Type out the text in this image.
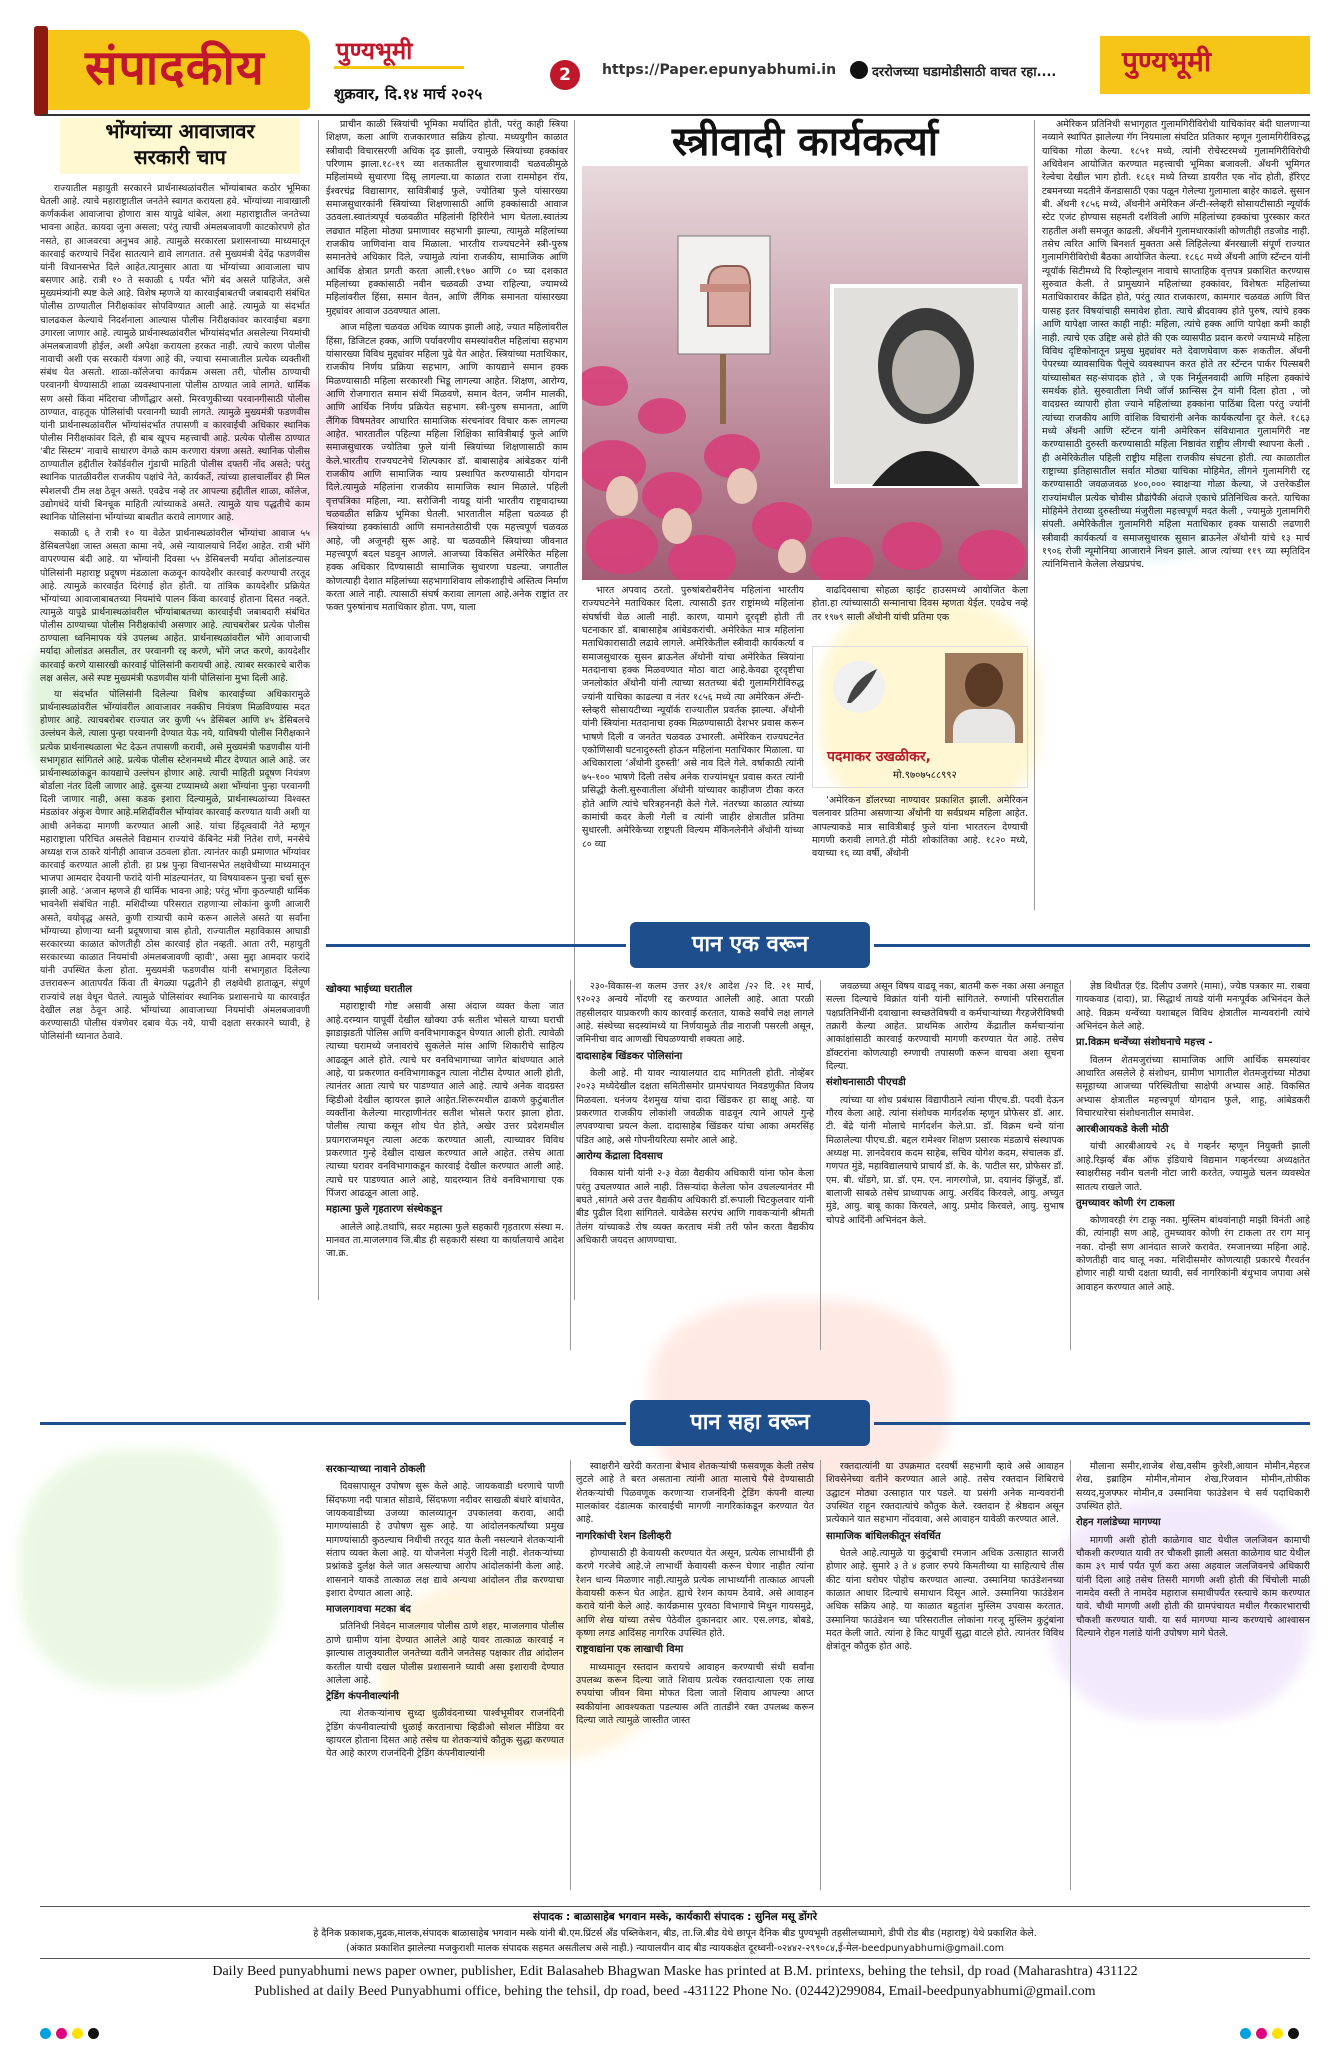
संपादकीय	पुण्यभूमी
शुक्रवार, दि.१४ मार्च २०२५
2	https://Paper.epunyabhumi.in	दररोजच्या घडामोडीसाठी वाचत रहा.... पुण्यभूमी
भोंग्यांच्या आवाजावर
सरकारी चाप

राज्यातील महायुती सरकारने प्रार्थनास्थळांवरील भोंग्यांबाबत कठोर भूमिका घेतली आहे. त्याचे महाराष्ट्रातील जनतेने स्वागत करायला हवे. भोंग्यांच्या नावाखाली कर्णकर्कश आवाजाचा होणारा त्रास यापुढे थांबेल, अशा महाराष्ट्रातील जनतेच्या भावना आहेत. कायदा जुना असला; परंतु त्याची अंमलबजावणी काटकोरपणे होत नसते, हा आजवरचा अनुभव आहे. त्यामुळे सरकारला प्रशासनाच्या माध्यमातून कारवाई करण्याचे निर्देश सातत्याने द्यावे लागतात. तसे मुख्यमंत्री देवेंद्र फडणवीस यांनी विधानसभेत दिले आहेत.त्यानुसार आता या भोंग्यांच्या आवाजाला चाप बसणार आहे. रात्री १० ते सकाळी ६ पर्यंत भोंगे बंद असले पाहिजेत, असे मुख्यमंत्र्यांनी स्पष्ट केले आहे. विशेष म्हणजे या कारवाईबाबतची जबाबदारी संबंधित पोलीस ठाण्यातील निरीक्षकांवर सोपविण्यात आली आहे. त्यामुळे या संदर्भात चालढकल केल्याचे निदर्शनाला आल्यास पोलीस निरीक्षकांवर कारवाईचा बडगा उगारला जाणार आहे. त्यामुळे प्रार्थनास्थळांवरील भोंग्यांसंदर्भात असलेल्या नियमांची अंमलबजावणी होईल, अशी अपेक्षा करायला हरकत नाही. त्याचे कारण पोलीस नावाची अशी एक सरकारी यंत्रणा आहे की, ज्याचा समाजातील प्रत्येक व्यक्तीशी संबंध येत असतो. शाळा-कॉलेजचा कार्यक्रम असला तरी, पोलीस ठाण्याची परवानगी घेण्यासाठी शाळा व्यवस्थापनाला पोलीस ठाण्यात जावे लागते. धार्मिक सण असो किंवा मंदिराचा जीर्णोद्धार असो. मिरवणुकीच्या परवानगीसाठी पोलीस ठाण्यात, वाहतूक पोलिसांची परवानगी घ्यावी लागते. त्यामुळे मुख्यमंत्री फडणवीस यांनी प्रार्थनास्थळांवरील भोंग्यांसंदर्भात तपासणी व कारवाईची अधिकार स्थानिक पोलीस निरीक्षकांवर दिले, ही बाब खूपच महत्त्वाची आहे. प्रत्येक पोलीस ठाण्यात ‘बीट सिस्टम’ नावाचे साधारण वेगळे काम करणारा यंत्रणा असते. स्थानिक पोलीस ठाण्यातील हद्दीतील रेकॉर्डवरील गुंडाची माहिती पोलीस दफ्तरी नोंद असते; परंतु स्थानिक पातळीवरील राजकीय पक्षांचे नेते, कार्यकर्ते, त्यांच्या हालचालींवर ही मिल स्पेशलची टीम लक्ष ठेवून असते. एवढेच नव्हे तर आपल्या हद्दीतील शाळा, कॉलेज, उद्योगधंदे यांची बिनचूक माहिती त्यांच्याकडे असते. त्यामुळे याच पद्धतीचे काम स्थानिक पोलिसांना भोंग्यांच्या बाबतीत करावे लागणार आहे.

सकाळी ६ ते रात्री १० या वेळेत प्रार्थनास्थळांवरील भोंग्यांचा आवाज ५५ डेसिबलपेक्षा जास्त असता कामा नये, असे न्यायालयाचे निर्देश आहेत. रात्री भोंगे वापरण्यास बंदी आहे. या भोंग्यांनी दिवसा ५५ डेसिबलची मर्यादा ओलांडल्यास पोलिसांनी महाराष्ट्र प्रदूषण मंडळाला कळवून कायदेशीर कारवाई करण्याची तरतूद आहे. त्यामुळे कारवाईत दिरंगाई होत होती. या तांत्रिक कायदेशीर प्रक्रियेत भोंग्यांच्या आवाजाबाबतच्या नियमांचे पालन किंवा कारवाई होताना दिसत नव्हते. त्यामुळे यापुढे प्रार्थनास्थळांवरील भोंग्यांबाबतच्या कारवाईची जबाबदारी संबंधित पोलीस ठाण्याच्या पोलीस निरीक्षकांची असणार आहे. त्याचबरोबर प्रत्येक पोलीस ठाण्याला ध्वनिमापक यंत्रे उपलब्ध आहेत. प्रार्थनास्थळांवरील भोंगे आवाजाची मर्यादा ओलांडत असतील, तर परवानगी रद्द करणे, भोंगे जप्त करणे, कायदेशीर कारवाई करणे यासारखी कारवाई पोलिसांनी करायची आहे. त्याबर सरकारचे बारीक लक्ष असेल, असे स्पष्ट मुख्यमंत्री फडणवीस यांनी पोलिसांना मुभा दिली आहे.

या संदर्भात पोलिसांनी दिलेल्या विशेष कारवाईच्या अधिकारामुळे प्रार्थनास्थळांवरील भोंग्यांवरील आवाजावर नक्कीच नियंत्रण मिळविण्यास मदत होणार आहे. त्याचबरोबर राज्यात जर कुणी ५५ डेसिबल आणि ४५ डेसिबलचे उल्लंघन केले, त्याला पुन्हा परवानगी देण्यात येऊ नये, याविषयी पोलीस निरीक्षकाने प्रत्येक प्रार्थनास्थळाला भेट देऊन तपासणी करावी, असे मुख्यमंत्री फडणवीस यांनी सभागृहात सांगितले आहे. प्रत्येक पोलीस स्टेशनमध्ये मीटर देण्यात आले आहे. जर प्रार्थनास्थळांकडून कायद्याचे उल्लंघन होणार आहे. त्याची माहिती प्रदूषण नियंत्रण बोर्डाला नंतर दिली जाणार आहे. दुसऱ्या टप्प्यामध्ये अशा भोंग्यांना पुन्हा परवानगी दिली जाणार नाही, असा कडक इशारा दिल्यामुळे, प्रार्थनास्थळांच्या विश्वस्त मंडळांवर अंकुश येणार आहे.मशिदींवरील भोंग्यांवर कारवाई करण्यात यावी अशी या आधी अनेकदा मागणी करण्यात आली आहे. यांचा हिंदूत्ववादी नेते म्हणून महाराष्ट्राला परिचित असलेले विद्यमान राज्यांचे कॅबिनेट मंत्री नितेश राणे, मनसेचे अध्यक्ष राज ठाकरे यांनीही आवाज उठवला होता. त्यानंतर काही प्रमाणात भोंग्यांवर कारवाई करण्यात आली होती. हा प्रश्न पुन्हा विधानसभेत लक्षवेधीच्या माध्यमातून भाजपा आमदार देवयानी फरांदे यांनी मांडल्यानंतर, या विषयावरून पुन्हा चर्चा सुरू झाली आहे. ‘अजान म्हणजे ही धार्मिक भावना आहे; परंतु भोंगा कुठल्याही धार्मिक भावनेशी संबंधित नाही. मशिदीच्या परिसरात राहणाऱ्या लोकांना कुणी आजारी असते, वयोवृद्ध असते, कुणी रात्र्याची कामे करून आलेले असते या सर्वांना भोंग्याच्या होणाऱ्या ध्वनी प्रदूषणाचा त्रास होतो, राज्यातील महाविकास आघाडी सरकारच्या काळात कोणतीही ठोस कारवाई होत नव्हती. आता तरी, महायुती सरकारच्या काळात नियमांची अंमलबजावणी व्हावी’, असा मुद्दा आमदार फरांदे यांनी उपस्थित केला होता. मुख्यमंत्री फडणवीस यांनी सभागृहात दिलेल्या उत्तरावरून आतापर्यंत किंवा ती बेगळ्या पद्धतीने ही लक्षवेधी हाताळून, संपूर्ण राज्यांचे लक्ष वेधून घेतले. त्यामुळे पोलिसांवर स्थानिक प्रशासनाचे या कारवाईत देखील लक्ष ठेवून आहे. भोंग्यांच्या आवाजाच्या नियमांची अंमलबजावणी करण्यासाठी पोलीस यंत्रणेवर दबाव येऊ नये, याची दक्षता सरकारने घ्यावी, हे पोलिसांनी ध्यानात ठेवावे.

प्राचीन काळी स्त्रियांची भूमिका मर्यादित होती, परंतु काही स्त्रिया शिक्षण, कला आणि राजकारणात सक्रिय होत्या. मध्ययुगीन काळात स्त्रीवादी विचारसरणी अधिक दृढ झाली, ज्यामुळे स्त्रियांच्या हक्कांवर परिणाम झाला.१८-१९ व्या शतकातील सुधारणावादी चळवळीमुळे महिलांमध्ये सुधारणा दिसू लागल्या.या काळात राजा राममोहन रॉय, ईश्वरचंद्र विद्यासागर, सावित्रीबाई फुले, ज्योतिबा फुले यांसारख्या समाजसुधारकांनी स्त्रियांच्या शिक्षणासाठी आणि हक्कांसाठी आवाज उठवला.स्वातंत्र्यपूर्व चळवळीत महिलांनी हिरिरीने भाग घेतला.स्वातंत्र्य लढ्यात महिला मोठ्या प्रमाणावर सहभागी झाल्या, त्यामुळे महिलांच्या राजकीय जाणिवांना वाव मिळाला. भारतीय राज्यघटनेने स्त्री-पुरुष समानतेचे अधिकार दिले, ज्यामुळे त्यांना राजकीय, सामाजिक आणि आर्थिक क्षेत्रात प्रगती करता आली.१९७० आणि ८० च्या दशकात महिलांच्या हक्कांसाठी नवीन चळवळी उभ्या राहिल्या, ज्यामध्ये महिलांवरील हिंसा, समान वेतन, आणि लैंगिक समानता यांसारख्या मुद्द्यांवर आवाज उठवण्यात आला.

आज महिला चळवळ अधिक व्यापक झाली आहे, ज्यात महिलांवरील हिंसा, डिजिटल हक्क, आणि पर्यावरणीय समस्यांवरील महिलांचा सहभाग यांसारख्या विविध मुद्द्यांवर महिला पुढे येत आहेत. स्त्रियांच्या मताधिकार, राजकीय निर्णय प्रक्रिया सहभाग, आणि कायद्याने समान हक्क मिळण्यासाठी महिला सरकारशी भिडू लागल्या आहेत. शिक्षण, आरोग्य, आणि रोजगारात समान संधी मिळवणे, समान वेतन, जमीन मालकी, आणि आर्थिक निर्णय प्रक्रियेत सहभाग. स्त्री-पुरुष समानता, आणि लैंगिक विषमतेवर आधारित सामाजिक संरचनांवर विचार करू लागल्या आहेत. भारतातील पहिल्या महिला शिक्षिका सावित्रीबाई फुले आणि समाजसुधारक ज्योतिबा फुले यांनी स्त्रियांच्या शिक्षणासाठी काम केले.भारतीय राज्यघटनेचे शिल्पकार डॉ. बाबासाहेब आंबेडकर यांनी राजकीय आणि सामाजिक न्याय प्रस्थापित करण्यासाठी योगदान दिले.त्यामुळे महिलांना राजकीय सामाजिक स्थान मिळाले. पहिली वृत्तपत्रिका महिला, न्या. सरोजिनी नायडू यांनी भारतीय राष्ट्रवादाच्या चळवळीत सक्रिय भूमिका घेतली. भारतातील महिला चळवळ ही स्त्रियांच्या हक्कांसाठी आणि समानतेसाठीची एक महत्त्वपूर्ण चळवळ आहे, जी अजूनही सुरू आहे. या चळवळीने स्त्रियांच्या जीवनात महत्त्वपूर्ण बदल घडवून आणले. आजच्या विकसित अमेरिकेत महिला हक्क अधिकार दिण्यासाठी सामाजिक सुधारणा घडल्या. जगातील कोणत्याही देशात महिलांच्या सहभागाशिवाय लोकशाहीचे अस्तित्व निर्माण करता आले नाही. त्यासाठी संघर्ष करावा लागला आहे.अनेक राष्ट्रांत तर फक्त पुरुषांनाच मताधिकार होता. पण, याला

स्त्रीवादी कार्यकर्त्या

भारत अपवाद ठरतो. पुरुषांबरोबरीनेच महिलांना भारतीय राज्यघटनेने मताधिकार दिला. त्यासाठी इतर राष्ट्रांमध्ये महिलांना संघर्षाची वेळ आली नाही. कारण, यामागे दूरदृष्टी होती ती घटनाकार डॉ. बाबासाहेब आंबेडकरांची. अमेरिकेत मात्र महिलांना मताधिकारासाठी लढावे लागले. अमेरिकेतील स्त्रीवादी कार्यकर्त्या व समाजसुधारक सुसन ब्राऊनेल अँथोनी यांचा अमेरिकेत स्त्रियांना मतदानाचा हक्क मिळवण्यात मोठा वाटा आहे.केवढा दूरदृष्टीचा जनलोकांत अँथोनी यांनी त्याच्या सततच्या बंदी गुलामगिरीविरुद्ध ज्यांनी याचिका काढल्या व नंतर १८५६ मध्ये त्या अमेरिकन ॲन्टी-स्लेव्हरी सोसायटीच्या न्यूयॉर्क राज्यातील प्रवर्तक झाल्या. अँथोनी यांनी स्त्रियांना मतदानाचा हक्क मिळण्यासाठी देशभर प्रवास करून भाषणे दिली व जनतेत चळवळ उभारली. अमेरिकन राज्यघटनेत एकोणिसावी घटनादुरुस्ती होऊन महिलांना मताधिकार मिळाला. या अधिकाराला ‘अँथोनी दुरुस्ती’ असे नाव दिले गेले. वर्षाकाठी त्यांनी ७५-१०० भाषणे दिली तसेच अनेक राज्यांमधून प्रवास करत त्यांनी प्रसिद्धी केली.सुरुवातीला अँथोनी यांच्यावर काहीजण टीका करत होते आणि त्यांचे चरित्रहननही केले गेले. नंतरच्या काळात त्यांच्या कामांची कदर केली गेली व त्यांनी जाहीर क्षेत्रातील प्रतिमा सुधारली. अमेरिकेच्या राष्ट्रपती विल्यम मॅकिनलेनीने अँथोनी यांच्या ८० व्या

वाढदिवसाचा सोहळा व्हाईट हाउसमध्ये आयोजित केला होता.हा त्यांच्यासाठी सन्मानाचा दिवस म्हणता येईल. एवढेच नव्हे तर १९७९ साली अँथोनी यांची प्रतिमा एक

पदमाकर उखळीकर,
मो.९७०७५८८९९२

‘अमेरिकन डॉलरच्या नाण्यावर प्रकाशित झाली. अमेरिकन चलनावर प्रतिमा असणाऱ्या अँथोनी या सर्वप्रथम महिला आहेत. आपल्याकडे मात्र सावित्रीबाई फुले यांना भारतरत्न देण्याची मागणी करावी लागते.ही मोठी शोकांतिका आहे. १८२० मध्ये, वयाच्या १६ व्या वर्षी, अँथोनी

अमेरिकन प्रतिनिधी सभागृहात गुलामगिरीविरोधी याचिकांवर बंदी घालणाऱ्या नव्याने स्थापित झालेल्या गॅग नियमाला संघटित प्रतिकार म्हणून गुलामगिरीविरुद्ध याचिका गोळा केल्या. १८५१ मध्ये, त्यांनी रोचेस्टरमध्ये गुलामगिरीविरोधी अधिवेशन आयोजित करण्यात महत्त्वाची भूमिका बजावली. अँथनी भूमिगत रेल्वेचा देखील भाग होती. १८६१ मध्ये तिच्या डायरीत एक नोंद होती, हॅरिएट टबमनच्या मदतीने कॅनडासाठी एका पळून गेलेल्या गुलामाला बाहेर काढले. सुसान बी. अँथनी १८५६ मध्ये, अँथनीने अमेरिकन ॲन्टी-स्लेव्हरी सोसायटीसाठी न्यूयॉर्क स्टेट एजंट होण्यास सहमती दर्शविली आणि महिलांच्या हक्कांचा पुरस्कार करत राहतील अशी समजूत काढली. अँथनीने गुलामधारकांशी कोणतीही तडजोड नाही. तसेच त्वरित आणि बिनशर्त मुक्तता असे लिहिलेल्या बॅनरखाली संपूर्ण राज्यात गुलामगिरीविरोधी बैठका आयोजित केल्या. १८६८ मध्ये अँथनी आणि स्टॅन्टन यांनी न्यूयॉर्क सिटीमध्ये दि रिव्होल्यूशन नावाचे साप्ताहिक वृत्तपत्र प्रकाशित करण्यास सुरुवात केली. ते प्रामुख्याने महिलांच्या हक्कांवर, विशेषतः महिलांच्या मताधिकारावर केंद्रित होते, परंतु त्यात राजकारण, कामगार चळवळ आणि वित्त यासह इतर विषयांचाही समावेश होता. त्याचे ब्रीदवाक्य होते पुरुष, त्यांचे हक्क आणि यापेक्षा जास्त काही नाही: महिला, त्यांचे हक्क आणि यापेक्षा कमी काही नाही. त्याचे एक उद्दिष्ट असे होते की एक व्यासपीठ प्रदान करणे ज्यामध्ये महिला विविध दृष्टिकोनातून प्रमुख मुद्द्यांवर मते देवाणघेवाण करू शकतील. अँथनी पेपरच्या व्यावसायिक पैलूंचे व्यवस्थापन करत होते तर स्टॅन्टन पार्कर पिल्सबरी यांच्यासोबत सह-संपादक होते , जे एक निर्मूलनवादी आणि महिला हक्कांचे समर्थक होते. सुरुवातीला निधी जॉर्ज फ्रान्सिस ट्रेन यांनी दिला होता , जो वादग्रस्त व्यापारी होता ज्याने महिलांच्या हक्कांना पाठिंबा दिला परंतु ज्यांनी त्यांच्या राजकीय आणि वांशिक विचारांनी अनेक कार्यकर्त्यांना दूर केले. १८६३ मध्ये अँथनी आणि स्टॅन्टन यांनी अमेरिकन संविधानात गुलामगिरी नष्ट करण्यासाठी दुरुस्ती करण्यासाठी महिला निष्ठावंत राष्ट्रीय लीगची स्थापना केली . ही अमेरिकेतील पहिली राष्ट्रीय महिला राजकीय संघटना होती. त्या काळातील राष्ट्राच्या इतिहासातील सर्वात मोठ्या याचिका मोहिमेत, लीगने गुलामगिरी रद्द करण्यासाठी जवळजवळ ४००,००० स्वाक्षऱ्या गोळा केल्या, जे उत्तरेकडील राज्यांमधील प्रत्येक चोवीस प्रौढांपैकी अंदाजे एकाचे प्रतिनिधित्व करते. याचिका मोहिमेने तेराव्या दुरुस्तीच्या मंजुरीला महत्त्वपूर्ण मदत केली , ज्यामुळे गुलामगिरी संपली. अमेरिकेतील गुलामगिरी महिला मताधिकार हक्क यासाठी लढणारी स्त्रीवादी कार्यकर्त्या व समाजसुधारक सुसान ब्राऊनेल अँथोनी यांचे १३ मार्च १९०६ रोजी न्यूमोनिया आजाराने निधन झाले. आज त्यांच्या ११९ व्या स्मृतिदिन त्यांनिमित्ताने केलेला लेखप्रपंच.

पान एक वरून

खोक्या भाईच्या घरातील

महाराष्ट्राची गोष्ट असावी असा अंदाज व्यक्त केला जात आहे.दरम्यान यापूर्वी देखील खोक्या उर्फ सतीश भोसले याच्या घराची झाडाझडती पोलिस आणि वनविभागाकडून घेण्यात आली होती. त्यावेळी त्याच्या घरामध्ये जनावरांचे सुकलेले मांस आणि शिकारीचे साहित्य आढळून आले होते. त्याचे घर वनविभागाच्या जागेत बांधण्यात आले आहे, या प्रकरणात वनविभागाकडून त्याला नोटीस देण्यात आली होती, त्यानंतर आता त्याचे घर पाडण्यात आले आहे. त्याचे अनेक वादग्रस्त व्हिडीओ देखील व्हायरल झाले आहेत.शिरूरमधील ढाकणे कुटुंबातील व्यक्तींना केलेल्या मारहाणीनंतर सतीश भोसले फरार झाला होता. पोलीस त्याचा कसून शोध घेत होते, अखेर उत्तर प्रदेशमधील प्रयागराजमधून त्याला अटक करण्यात आली, त्याच्यावर विविध प्रकरणात गुन्हे देखील दाखल करण्यात आले आहेत. तसेच आता त्याच्या घरावर वनविभागाकडून कारवाई देखील करण्यात आली आहे. त्याचे घर पाडण्यात आले आहे, यादरम्यान तिथे वनविभागाचा एक पिंजरा आढळून आला आहे.

महात्मा फुले गृहतारण संस्थेकडून

आलेले आहे.तथापि, सदर महात्मा फुले सहकारी गृहतारण संस्था म. मानवत ता.माजलगाव जि.बीड ही सहकारी संस्था या कार्यालयाचे आदेश जा.क्र.

२३०-विकास-श कलम उत्तर ३१/१ आदेश /२२ दि. २१ मार्च, ९२०२३ अन्वये नोंदणी रद्द करण्यात आलेली आहे. आता परळी तहसीलदार याप्रकरणी काय कारवाई करतात, याकडे सर्वांचे लक्ष लागले आहे. संस्थेच्या सदस्यांमध्ये या निर्णयामुळे तीव्र नाराजी पसरली असून, जमिनीचा वाद आणखी चिघळण्याची शक्यता आहे.

दादासाहेब खिंडकर पोलिसांना

केली आहे. मी यावर न्यायालयात दाद मागितली होती. नोव्हेंबर २०२३ मध्येदेखील दक्षता समितीसमोर ग्रामपंचायत निवडणुकीत विजय मिळवला. धनंजय देशमुख यांचा दादा खिंडकर हा साक्षू आहे. या प्रकरणात राजकीय लोकांशी जवळीक वाढवून त्याने आपले गुन्हे लपवण्याचा प्रयत्न केला. दादासाहेब खिंडकर यांचा आका अमरसिंह पंडित आहे, असे गोपनीयरित्या समोर आले आहे.

आरोग्य केंद्राला दिवसाच

विकास यांनी यांनी २-३ वेळा वैद्यकीय अधिकारी यांना फोन केला परंतु उचलण्यात आले नाही. तिसऱ्यांदा केलेला फोन उचलल्यानंतर मी बघते ,सांगते असे उत्तर वैद्यकीय अधिकारी डॉ.रूपाली चिटकुलवार यांनी बीड पुढील दिशा सांगितले. यावेळेस सरपंच आणि गावकऱ्यांनी श्रीमती तेलंग यांच्याकडे रोष व्यक्त करताच मंत्री तरी फोन करता वैद्यकीय अधिकारी जयदत्त आणण्याचा.

जवळच्या असून विषय वाढवू नका, बातमी करू नका असा अनाहूत सल्ला दिल्याचे विक्रांत यांनी यांनी सांगितले. रुग्णांनी परिसरातील पक्षप्रतिनिधींनी दवाखाना स्वच्छतेविषयी व कर्मचाऱ्यांच्या गैरहजेरीविषयी तक्रारी केल्या आहेत. प्राथमिक आरोग्य केंद्रातील कर्मचाऱ्यांना आकांक्षांसाठी कारवाई करण्याची मागणी करण्यात येत आहे. तसेच डॉक्टरांना कोणत्याही रुग्णाची तपासणी करून वाचवा अशा सूचना दिल्या.

संशोधनासाठी पीएचडी

त्यांच्या या शोध प्रबंधास विद्यापीठाने त्यांना पीएच.डी. पदवी देऊन गौरव केला आहे. त्यांना संशोधक मार्गदर्शक म्हणून प्रोफेसर डॉ. आर. टी. बेंद्रे यांनी मोलाचे मार्गदर्शन केले.प्रा. डॉ. विक्रम धन्वे यांना मिळालेल्या पीएच.डी. बद्दल रामेश्वर शिक्षण प्रसारक मंडळाचे संस्थापक अध्यक्ष मा. ज्ञानदेवराव कदम साहेब, सचिव योगेश कदम, संचालक डॉ. गणपत मुंडे, महाविद्यालयाचे प्राचार्य डॉ. के. के. पाटील सर, प्रोफेसर डॉ. एम. बी. धोंडगे, प्रा. डॉ. एम. एन. नागरगोजे, प्रा. दयानंद झिंजुर्डे, डॉ. बालाजी साबळे तसेच प्राध्यापक आयु. अरविंद किरवले, आयु. अच्युत मुंडे, आयु. बाबू काका किरवले, आयु. प्रमोद किरवले, आयु. सुभाष चोपडे आदिंनी अभिनंदन केले.

ज्ञेष्ठ विधीतज्ञ ऍड. दिलीप उजगरे (मामा), ज्येष्ठ पत्रकार मा. राबवा गायकवाड (दादा), प्रा. सिद्धार्थ तायडे यांनी मनःपूर्वक अभिनंदन केले आहे. विक्रम धन्वेंच्या यशाबद्दल विविध क्षेत्रातील मान्यवरांनी त्यांचे अभिनंदन केले आहे.

प्रा.विक्रम धन्वेंच्या संशोधनाचे महत्त्व -

विलग्न शेतमजुरांच्या सामाजिक आणि आर्थिक समस्यांवर आधारित असलेले हे संशोधन, ग्रामीण भागातील शेतमजुरांच्या मोठ्या समूहाच्या आजच्या परिस्थितीचा साक्षेपी अभ्यास आहे. विकसित अभ्यास क्षेत्रातील महत्त्वपूर्ण योगदान फुले, शाहू, आंबेडकरी विचारधारेचा संशोधनातील समावेश.

आरबीआयकडे केली मोठी

यांची आरबीआयचे २६ वे गव्हर्नर म्हणून नियुक्ती झाली आहे.रिझर्व्ह बँक ऑफ इंडियाचे विद्यमान गव्हर्नरच्या अध्यक्षतेत स्वाक्षरीसह नवीन चलनी नोटा जारी करतेत, ज्यामुळे चलन व्यवस्थेत सातत्य राखले जाते.

तुमच्यावर कोणी रंग टाकला

कोणावरही रंग टाकू नका. मुस्लिम बांधवांनाही माझी विनंती आहे की, त्यांनाही सण आहे, तुमच्यावर कोणी रंग टाकला तर राग मानू नका. दोन्ही सण आनंदात साजरे करावेत. रमजानच्या महिना आहे. कोणतीही वाद घालू नका. मशिदीसमोर कोणत्याही प्रकारचे गैरवर्तन होणार नाही याची दक्षता घ्यावी, सर्व नागरिकांनी बंधुभाव जपावा असे आवाहन करण्यात आले आहे.

पान सहा वरून

सरकाऱ्याच्या नावाने ठोकली

दिवसापासून उपोषण सुरू केले आहे. जायकवाडी धरणाचे पाणी सिंदफणा नदी पात्रात सोडावे, सिंदफणा नदीवर साखळी बंधारे बांधावेत, जायकवाडीच्या उजव्या कालव्यातून उपकालवा करावा, आदी मागण्यांसाठी हे उपोषण सुरू आहे. या आंदोलनकर्त्यांच्या प्रमुख मागण्यांसाठी कुठल्याच निधीची तरतूद यात केली नसल्याने शेतकऱ्यांनी संताप व्यक्त केला आहे. या योजनेला मंजुरी दिली नाही. शेतकऱ्यांच्या प्रश्नांकडे दुर्लक्ष केले जात असल्याचा आरोप आंदोलकांनी केला आहे. शासनाने याकडे तात्काळ लक्ष द्यावे अन्यथा आंदोलन तीव्र करण्याचा इशारा देण्यात आला आहे.

माजलगावचा मटका बंद

प्रतिनिधी निवेदन माजलगाव पोलीस ठाणे शहर, माजलगाव पोलीस ठाणे ग्रामीण यांना देण्यात आलेले आहे यावर तात्काळ कारवाई न झाल्यास तालुक्यातील जनतेच्या वतीने जनतेसह पक्षकार तीव्र आंदोलन करतील याची दखल पोलीस प्रशासनाने घ्यावी असा इशारावी देण्यात आलेला आहे.

ट्रेडिंग कंपनीवाल्यांनी

त्या शेतकऱ्यांनाच सुध्दा धुळीवंदनाच्या पार्श्वभूमीवर राजनंदिनी ट्रेडिंग कंपनीवाल्यांची धुळाई करतानाचा व्हिडीओ सोशल मीडिया वर व्हायरल होताना दिसत आहे तसेच या शेतकऱ्यांचे कौतुक सुद्धा करण्यात येत आहे कारण राजनंदिनी ट्रेडिंग कंपनीवाल्यांनी

स्वाक्षरीने खरेदी करताना बेभाव शेतकऱ्यांची फसवणूक केली तसेच लुटले आहे ते बरत असताना त्यांनी आता मालाचे पैसे देण्यासाठी शेतकऱ्यांची पिळवणूक करणाऱ्या राजनंदिनी ट्रेडिंग कंपनी वाल्या मालकांवर दंडात्मक कारवाईची मागणी नागरिकांकडून करण्यात येत आहे.

नागरिकांची रेशन डिलीव्हरी

होण्यासाठी ही केवायसी करण्यात येत असून, प्रत्येक लाभार्थींनी ही करणे गरजेचे आहे.जे लाभार्थी केवायसी करून घेणार नाहीत त्यांना रेशन धान्य मिळणार नाही.त्यामुळे प्रत्येक लाभार्थ्यांनी तात्काळ आपली केवायसी करून घेत आहेत. ह्याचे रेशन कायम ठेवावे. असे आवाहन करावे यांनी केले आहे. कार्यक्रमास पुरवठा विभागाचे मिथुन गायसमुद्रे, आणि शेख यांच्या तसेच पेठेवील दुकानदार आर. एस.लगड, बोबडे, कृष्णा लगड आदिंसह नागरिक उपस्थित होते.

राष्ट्रवाद्यांना एक लाखाची विमा

माध्यमातून रस्तदान करायचे आवाहन करण्याची संधी सर्वांना उपलब्ध करून दिल्या जाते शिवाय प्रत्येक रक्तदात्याला एक लाख रुपयांचा जीवन विमा मोफत दिला जातो शिवाय आपल्या आप्त स्वकीयांना आवश्यकता पडल्यास अति तातडीने रक्त उपलब्ध करून दिल्या जाते त्यामुळे जास्तीत जास्त

रक्तदात्यांनी या उपक्रमात दरवर्षी सहभागी व्हावे असे आवाहन शिवसेनेच्या वतीने करण्यात आले आहे. तसेच रक्तदान शिबिराचे उद्घाटन मोठ्या उत्साहात पार पडले. या प्रसंगी अनेक मान्यवरांनी उपस्थित राहून रक्तदात्यांचे कौतुक केले. रक्तदान हे श्रेष्ठदान असून प्रत्येकाने यात सहभाग नोंदवावा, असे आवाहन यावेळी करण्यात आले.

सामाजिक बांधिलकीतून संवर्धित

घेतले आहे.त्यामुळे या कुटुंबाची रमजान अधिक उत्साहात साजरी होणार आहे. सुमारे ३ ते ४ हजार रुपये किमतीच्या या साहित्याचे तीस कीट यांना घरोघर पोहोच करण्यात आल्या. उस्मानिया फाउंडेशनच्या काळात आधार दिल्याचे समाधान दिसून आले. उस्मानिया फाउंडेशन अधिक सक्रिय आहे. या काळात बहुतांश मुस्लिम उपवास करतात. उस्मानिया फाउंडेशन च्या परिसरातील लोकांना गरजू मुस्लिम कुटुंबांना मदत केली जाते. त्यांना हे किट यापूर्वी सुद्धा वाटले होते. त्यानंतर विविध क्षेत्रांतून कौतुक होत आहे.

मौलाना समीर,शाजेब शेख,वसीम कुरेशी,आयान मोमीन,मेहरज शेख, इब्राहिम मोमीन,नोमान शेख,रिजवान मोमीन,तोफीक सय्यद,मुजफ्फर मोमीन,व उस्मानिया फाउंडेशन चे सर्व पदाधिकारी उपस्थित होते.

रोहन गलांडेच्या मागण्या

मागणी अशी होती काळेगाव घाट येथील जलजिवन कामाची चौकशी करण्यात यावी तर चौकशी झाली असता काळेगाव घाट येथील काम ३९ मार्च पर्यंत पूर्ण करा असा अहवाल जलजिवनचे अधिकारी यांनी दिला आहे तसेच तिसरी मागणी अशी होती की चिंचोली माळी नामदेव वस्ती ते नामदेव महाराज समाधीपर्यंत रस्त्याचे काम करण्यात यावे. चौथी मागणी अशी होती की ग्रामपंचायत मधील गैरकारभाराची चौकशी करण्यात यावी. या सर्व मागण्या मान्य करण्याचे आश्वासन दिल्याने रोहन गलांडे यांनी उपोषण मागे घेतले.

संपादक : बाळासाहेब भगवान मस्के, कार्यकारी संपादक : सुनिल मसू डोंगरे
हे दैनिक प्रकाशक,मुद्रक,मालक,संपादक बाळासाहेब भगवान मस्के यांनी बी.एम.प्रिंटर्स अँड पब्लिकेशन, बीड, ता.जि.बीड येथे छापून दैनिक बीड पुण्यभूमी तहसीलच्यामागे, डीपी रोड बीड (महाराष्ट्र) येथे प्रकाशित केले.
(अंकात प्रकाशित झालेल्या मजकुराशी मालक संपादक सहमत असतीलच असे नाही.) न्यायालयीन वाद बीड न्यायकक्षेत दूरध्वनी-०२४४२-२९९०८४,ई-मेल-beedpunyabhumi@gmail.com
Daily Beed punyabhumi news paper owner, publisher, Edit Balasaheb Bhagwan Maske has printed at B.M. printexs, behing the tehsil, dp road (Maharashtra) 431122
Published at daily Beed Punyabhumi office, behing the tehsil, dp road, beed -431122 Phone No. (02442)299084, Email-beedpunyabhumi@gmail.com
